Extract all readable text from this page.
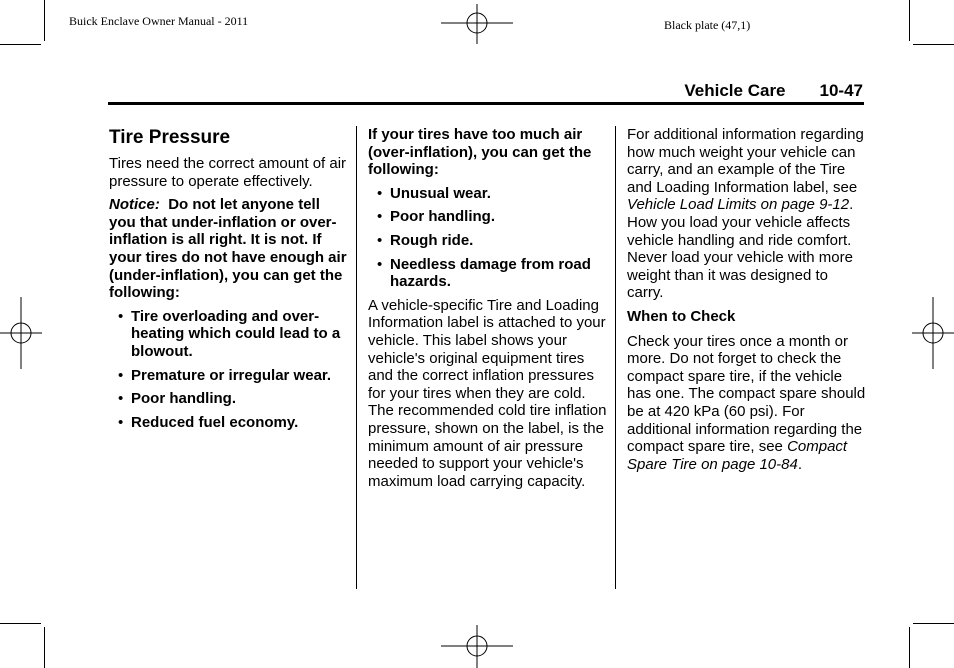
Buick Enclave Owner Manual - 2011	Black plate (47,1)
Vehicle Care 10-47
Tire Pressure

Tires need the correct amount of air pressure to operate effectively.

Notice: Do not let anyone tell you that under-inflation or over-inflation is all right. It is not. If your tires do not have enough air (under-inflation), you can get the following:

• Tire overloading and over-heating which could lead to a blowout.
• Premature or irregular wear.
• Poor handling.
• Reduced fuel economy.

If your tires have too much air (over-inflation), you can get the following:

• Unusual wear.
• Poor handling.
• Rough ride.
• Needless damage from road hazards.

A vehicle-specific Tire and Loading Information label is attached to your vehicle. This label shows your vehicle's original equipment tires and the correct inflation pressures for your tires when they are cold. The recommended cold tire inflation pressure, shown on the label, is the minimum amount of air pressure needed to support your vehicle's maximum load carrying capacity.

For additional information regarding how much weight your vehicle can carry, and an example of the Tire and Loading Information label, see Vehicle Load Limits on page 9-12.

How you load your vehicle affects vehicle handling and ride comfort. Never load your vehicle with more weight than it was designed to carry.

When to Check

Check your tires once a month or more. Do not forget to check the compact spare tire, if the vehicle has one. The compact spare should be at 420 kPa (60 psi). For additional information regarding the compact spare tire, see Compact Spare Tire on page 10-84.
